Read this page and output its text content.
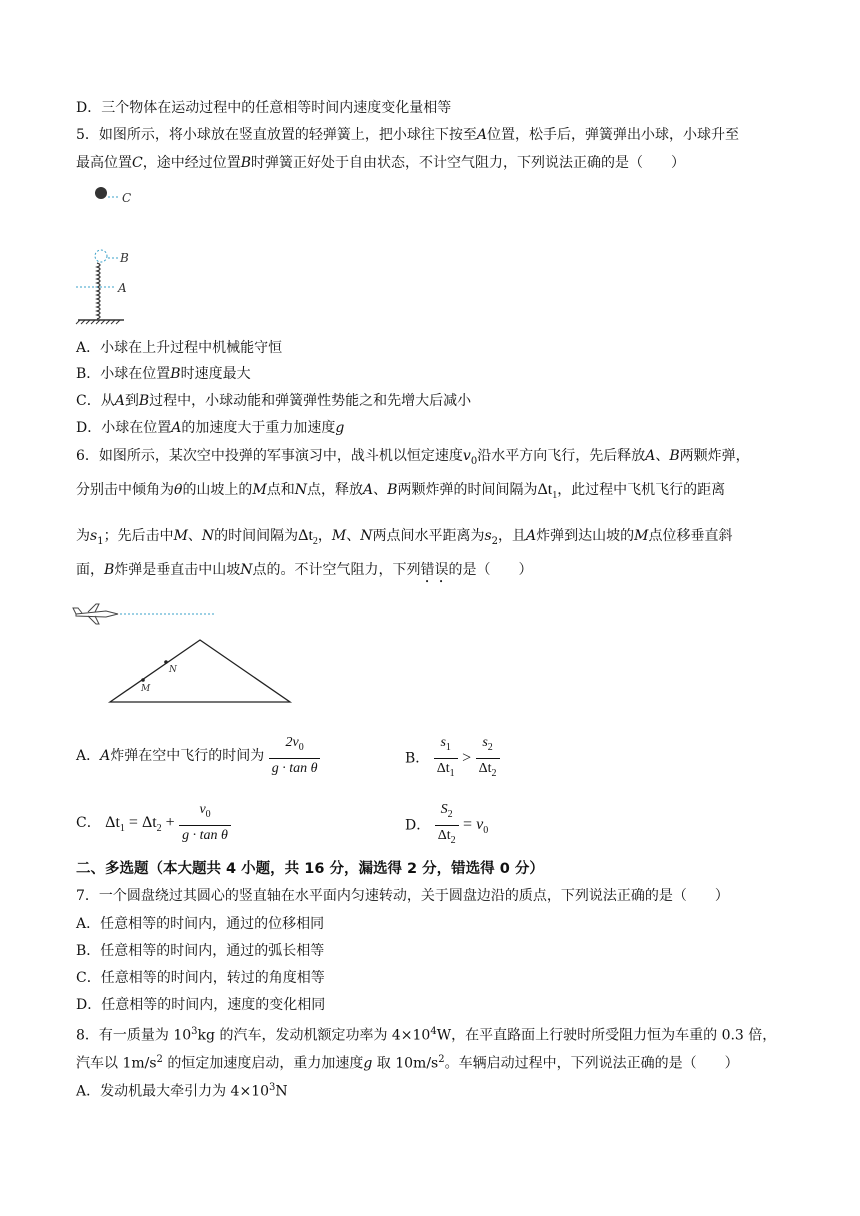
D．三个物体在运动过程中的任意相等时间内速度变化量相等
5．如图所示，将小球放在竖直放置的轻弹簧上，把小球往下按至A位置，松手后，弹簧弹出小球，小球升至
最高位置C，途中经过位置B时弹簧正好处于自由状态，不计空气阻力，下列说法正确的是（　　）
C
B
A
A．小球在上升过程中机械能守恒
B．小球在位置B时速度最大
C．从A到B过程中，小球动能和弹簧弹性势能之和先增大后减小
D．小球在位置A的加速度大于重力加速度g
6．如图所示，某次空中投弹的军事演习中，战斗机以恒定速度$v_0$沿水平方向飞行，先后释放A、B两颗炸弹，
分别击中倾角为θ的山坡上的M点和N点，释放A、B两颗炸弹的时间间隔为$\Delta t_1$，此过程中飞机飞行的距离
为$s_1$；先后击中M、N的时间间隔为$\Delta t_2$，M、N两点间水平距离为$s_2$，且A炸弹到达山坡的M点位移垂直斜
面，B炸弹是垂直击中山坡N点的。不计空气阻力，下列错误的是（　　）
M
N
A．A炸弹在空中飞行的时间为 $\frac{2v_0}{\text{g · tan θ}}$	B． $\frac{s_1}{\Delta t_1} > \frac{s_2}{\Delta t_2}$
C． $\Delta t_1 = \Delta t_2 + \frac{v_0}{\text{g · tan θ}}$	D． $\frac{S_2}{\Delta t_2} = v_0$
二、多选题（本大题共 4 小题，共 16 分，漏选得 2 分，错选得 0 分）
7．一个圆盘绕过其圆心的竖直轴在水平面内匀速转动，关于圆盘边沿的质点，下列说法正确的是（　　）
A．任意相等的时间内，通过的位移相同
B．任意相等的时间内，通过的弧长相等
C．任意相等的时间内，转过的角度相等
D．任意相等的时间内，速度的变化相同
8．有一质量为 $10^3kg$ 的汽车，发动机额定功率为 $4\times 10^4W$，在平直路面上行驶时所受阻力恒为车重的 0.3 倍，
汽车以 $1m/s^2$ 的恒定加速度启动，重力加速度g 取 $10m/s^2$。车辆启动过程中，下列说法正确的是（　　）
A．发动机最大牵引力为 $4\times 10^3N$
